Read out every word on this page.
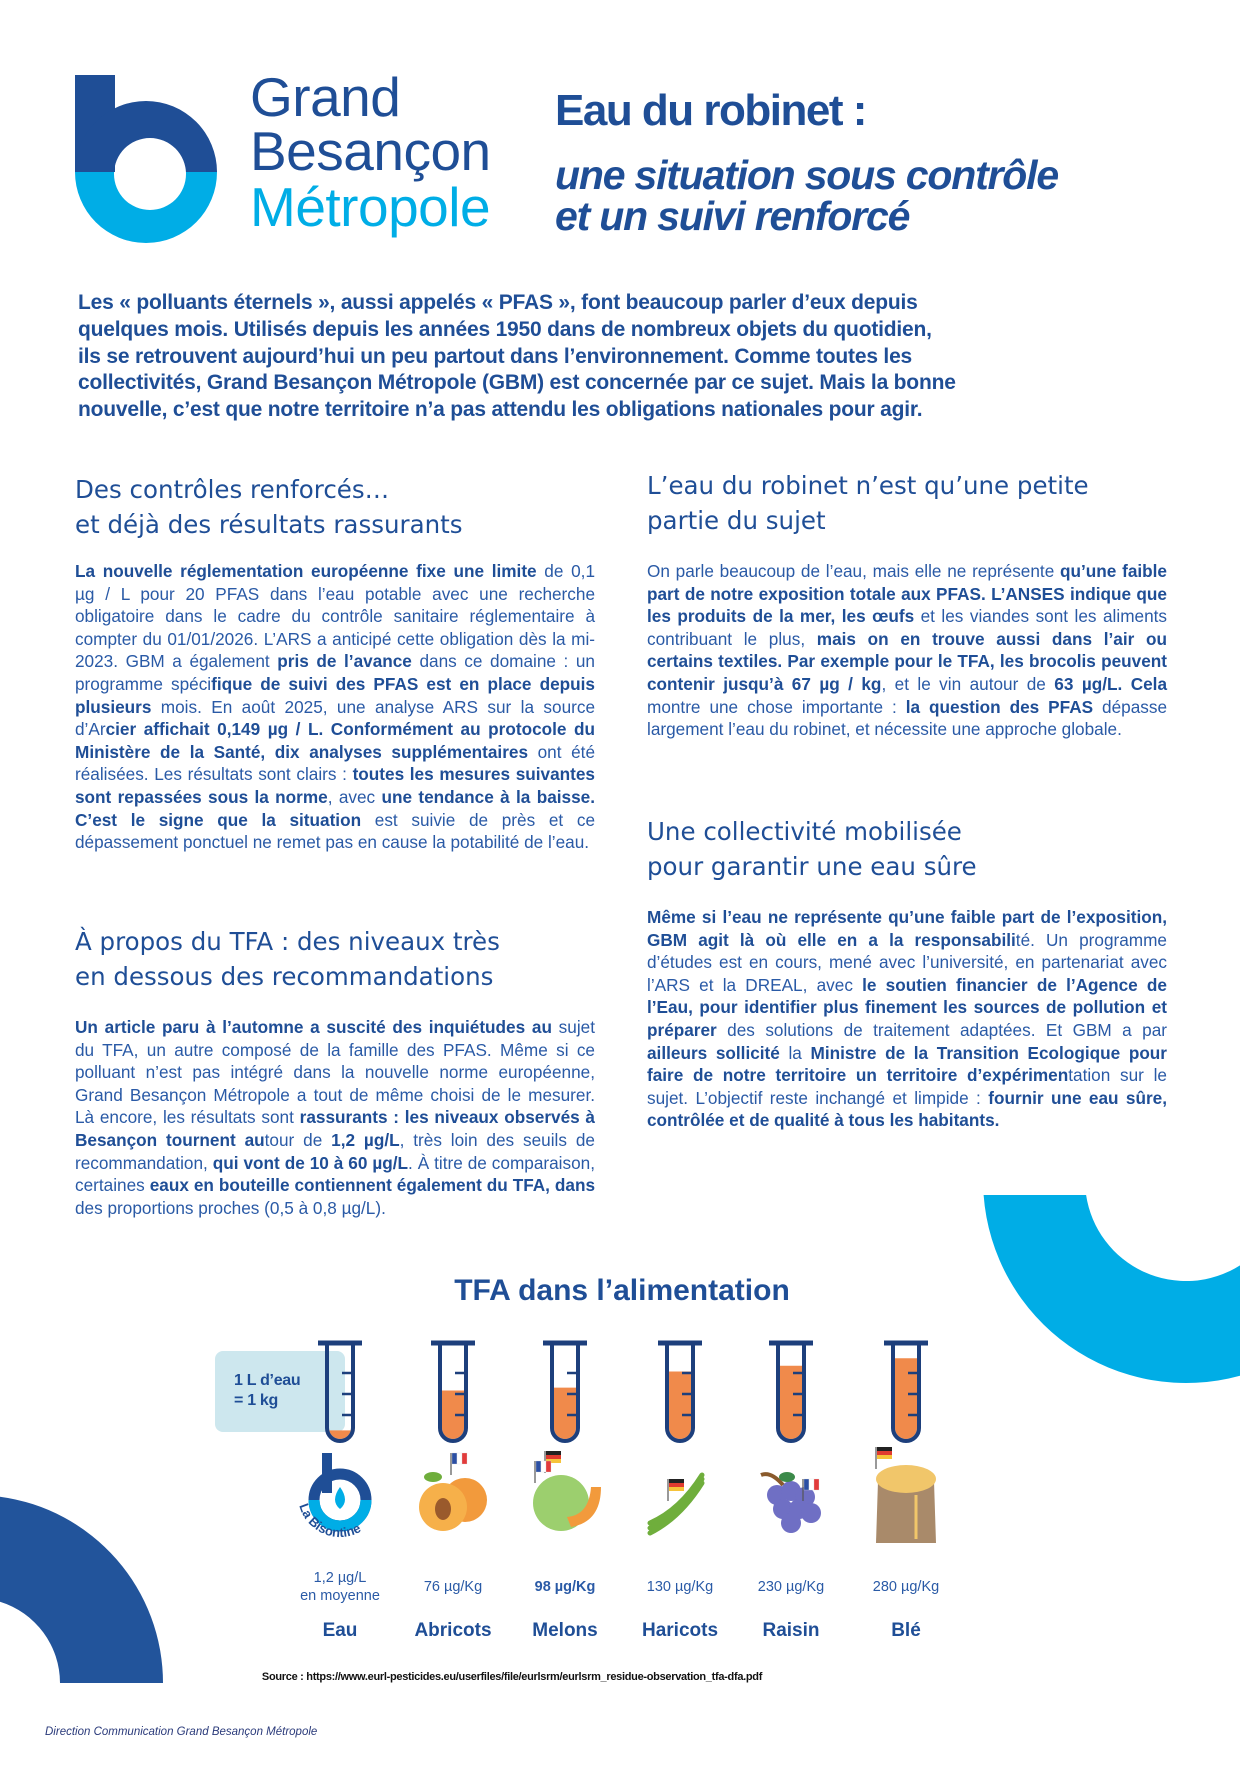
Grand
Besançon
Métropole
Eau du robinet :
une situation sous contrôle
et un suivi renforcé
Les « polluants éternels », aussi appelés « PFAS », font beaucoup parler d’eux depuis
quelques mois. Utilisés depuis les années 1950 dans de nombreux objets du quotidien,
ils se retrouvent aujourd’hui un peu partout dans l’environnement. Comme toutes les
collectivités, Grand Besançon Métropole (GBM) est concernée par ce sujet. Mais la bonne
nouvelle, c’est que notre territoire n’a pas attendu les obligations nationales pour agir.
Des contrôles renforcés…
et déjà des résultats rassurants
La nouvelle réglementation européenne fixe une limite de 0,1 µg / L pour 20 PFAS dans l’eau potable avec une recherche obligatoire dans le cadre du contrôle sanitaire réglementaire à compter du 01/01/2026. L’ARS a anticipé cette obligation dès la mi-2023. GBM a également pris de l’avance dans ce domaine : un programme spécifique de suivi des PFAS est en place depuis plusieurs mois. En août 2025, une analyse ARS sur la source d’Arcier affichait 0,149 µg / L. Conformément au protocole du Ministère de la Santé, dix analyses supplémentaires ont été réalisées. Les résultats sont clairs : toutes les mesures suivantes sont repassées sous la norme, avec une tendance à la baisse. C’est le signe que la situation est suivie de près et ce dépassement ponctuel ne remet pas en cause la potabilité de l’eau.
À propos du TFA : des niveaux très
en dessous des recommandations
Un article paru à l’automne a suscité des inquiétudes au sujet du TFA, un autre composé de la famille des PFAS. Même si ce polluant n’est pas intégré dans la nouvelle norme européenne, Grand Besançon Métropole a tout de même choisi de le mesurer. Là encore, les résultats sont rassurants : les niveaux observés à Besançon tournent autour de 1,2 µg/L, très loin des seuils de recommandation, qui vont de 10 à 60 µg/L. À titre de comparaison, certaines eaux en bouteille contiennent également du TFA, dans des proportions proches (0,5 à 0,8 µg/L).
L’eau du robinet n’est qu’une petite
partie du sujet
On parle beaucoup de l’eau, mais elle ne représente qu’une faible part de notre exposition totale aux PFAS. L’ANSES indique que les produits de la mer, les œufs et les viandes sont les aliments contribuant le plus, mais on en trouve aussi dans l’air ou certains textiles. Par exemple pour le TFA, les brocolis peuvent contenir jusqu’à 67 µg / kg, et le vin autour de 63 µg/L. Cela montre une chose importante : la question des PFAS dépasse largement l’eau du robinet, et nécessite une approche globale.
Une collectivité mobilisée
pour garantir une eau sûre
Même si l’eau ne représente qu’une faible part de l’exposition, GBM agit là où elle en a la responsabilité. Un programme d’études est en cours, mené avec l’université, en partenariat avec l’ARS et la DREAL, avec le soutien financier de l’Agence de l’Eau, pour identifier plus finement les sources de pollution et préparer des solutions de traitement adaptées. Et GBM a par ailleurs sollicité la Ministre de la Transition Ecologique pour faire de notre territoire un territoire d’expérimentation sur le sujet. L’objectif reste inchangé et limpide : fournir une eau sûre, contrôlée et de qualité à tous les habitants.
TFA dans l’alimentation
1 L d’eau
= 1 kg
La Bisontine
1,2 µg/L
en moyenne
Eau
76 µg/Kg
Abricots
98 µg/Kg
Melons
130 µg/Kg
Haricots
230 µg/Kg
Raisin
280 µg/Kg
Blé
Source : https://www.eurl-pesticides.eu/userfiles/file/eurlsrm/eurlsrm_residue-observation_tfa-dfa.pdf
Direction Communication Grand Besançon Métropole
